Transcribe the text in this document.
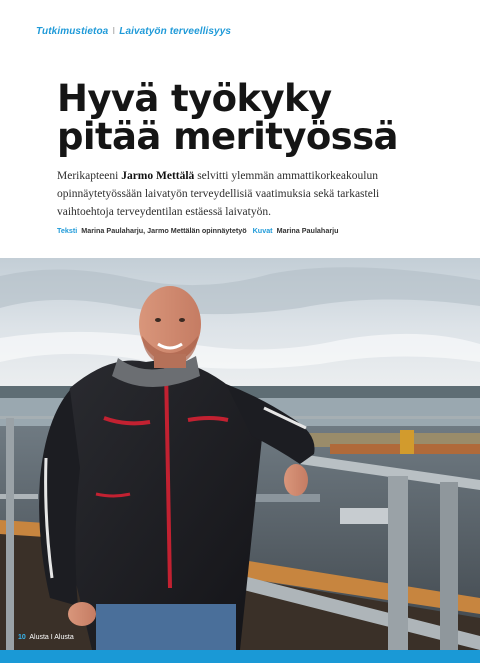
Tutkimustietoa I Laivatyön terveellisyys
Hyvä työkyky
pitää merityössä

Merikapteeni Jarmo Mettälä selvitti ylemmän ammattikorkeakoulun opinnäytetyössään laivatyön terveydellisiä vaatimuksia sekä tarkasteli vaihtoehtoja terveydentilan estäessä laivatyön.

Teksti Marina Paulaharju, Jarmo Mettälän opinnäytetyö Kuvat Marina Paulaharju
10 Alusta I Alusta
